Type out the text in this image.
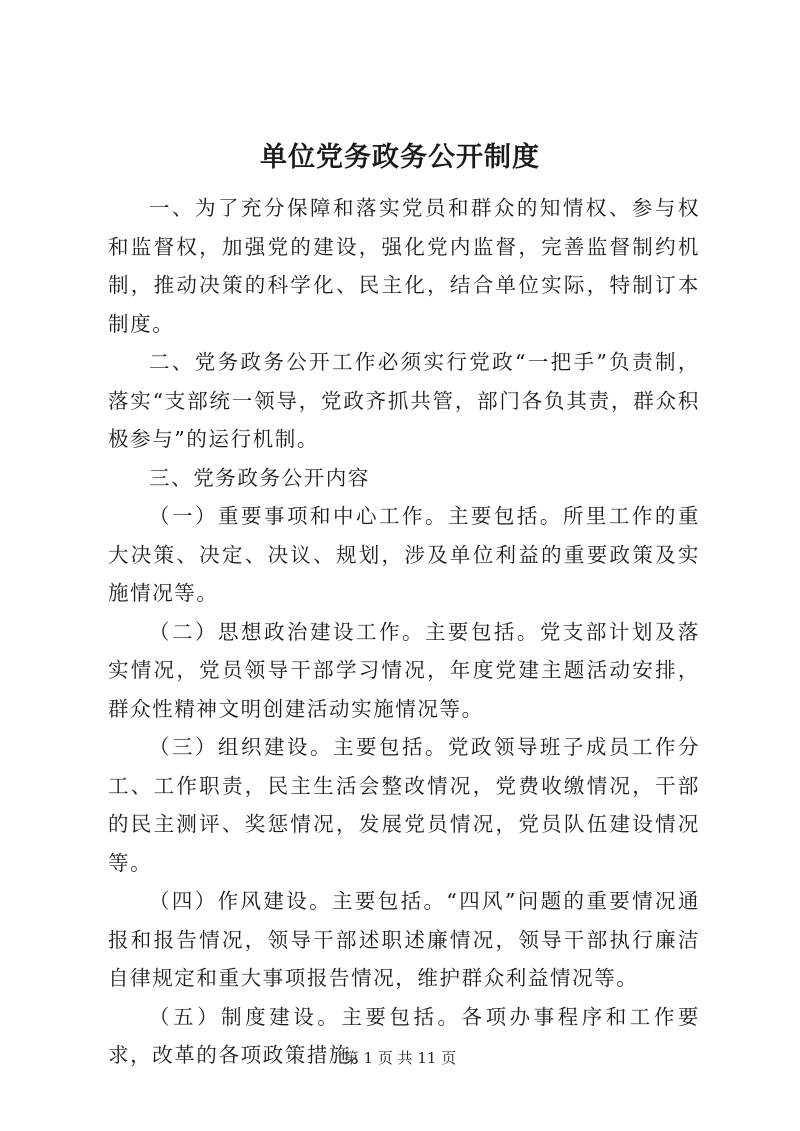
单位党务政务公开制度

一、为了充分保障和落实党员和群众的知情权、参与权和监督权，加强党的建设，强化党内监督，完善监督制约机制，推动决策的科学化、民主化，结合单位实际，特制订本制度。

二、党务政务公开工作必须实行党政“一把手”负责制，落实“支部统一领导，党政齐抓共管，部门各负其责，群众积极参与”的运行机制。

三、党务政务公开内容

（一）重要事项和中心工作。主要包括。所里工作的重大决策、决定、决议、规划，涉及单位利益的重要政策及实施情况等。

（二）思想政治建设工作。主要包括。党支部计划及落实情况，党员领导干部学习情况，年度党建主题活动安排，群众性精神文明创建活动实施情况等。

（三）组织建设。主要包括。党政领导班子成员工作分工、工作职责，民主生活会整改情况，党费收缴情况，干部的民主测评、奖惩情况，发展党员情况，党员队伍建设情况等。

（四）作风建设。主要包括。“四风”问题的重要情况通报和报告情况，领导干部述职述廉情况，领导干部执行廉洁自律规定和重大事项报告情况，维护群众利益情况等。

（五）制度建设。主要包括。各项办事程序和工作要求，改革的各项政策措施。

第 1 页 共 11 页
